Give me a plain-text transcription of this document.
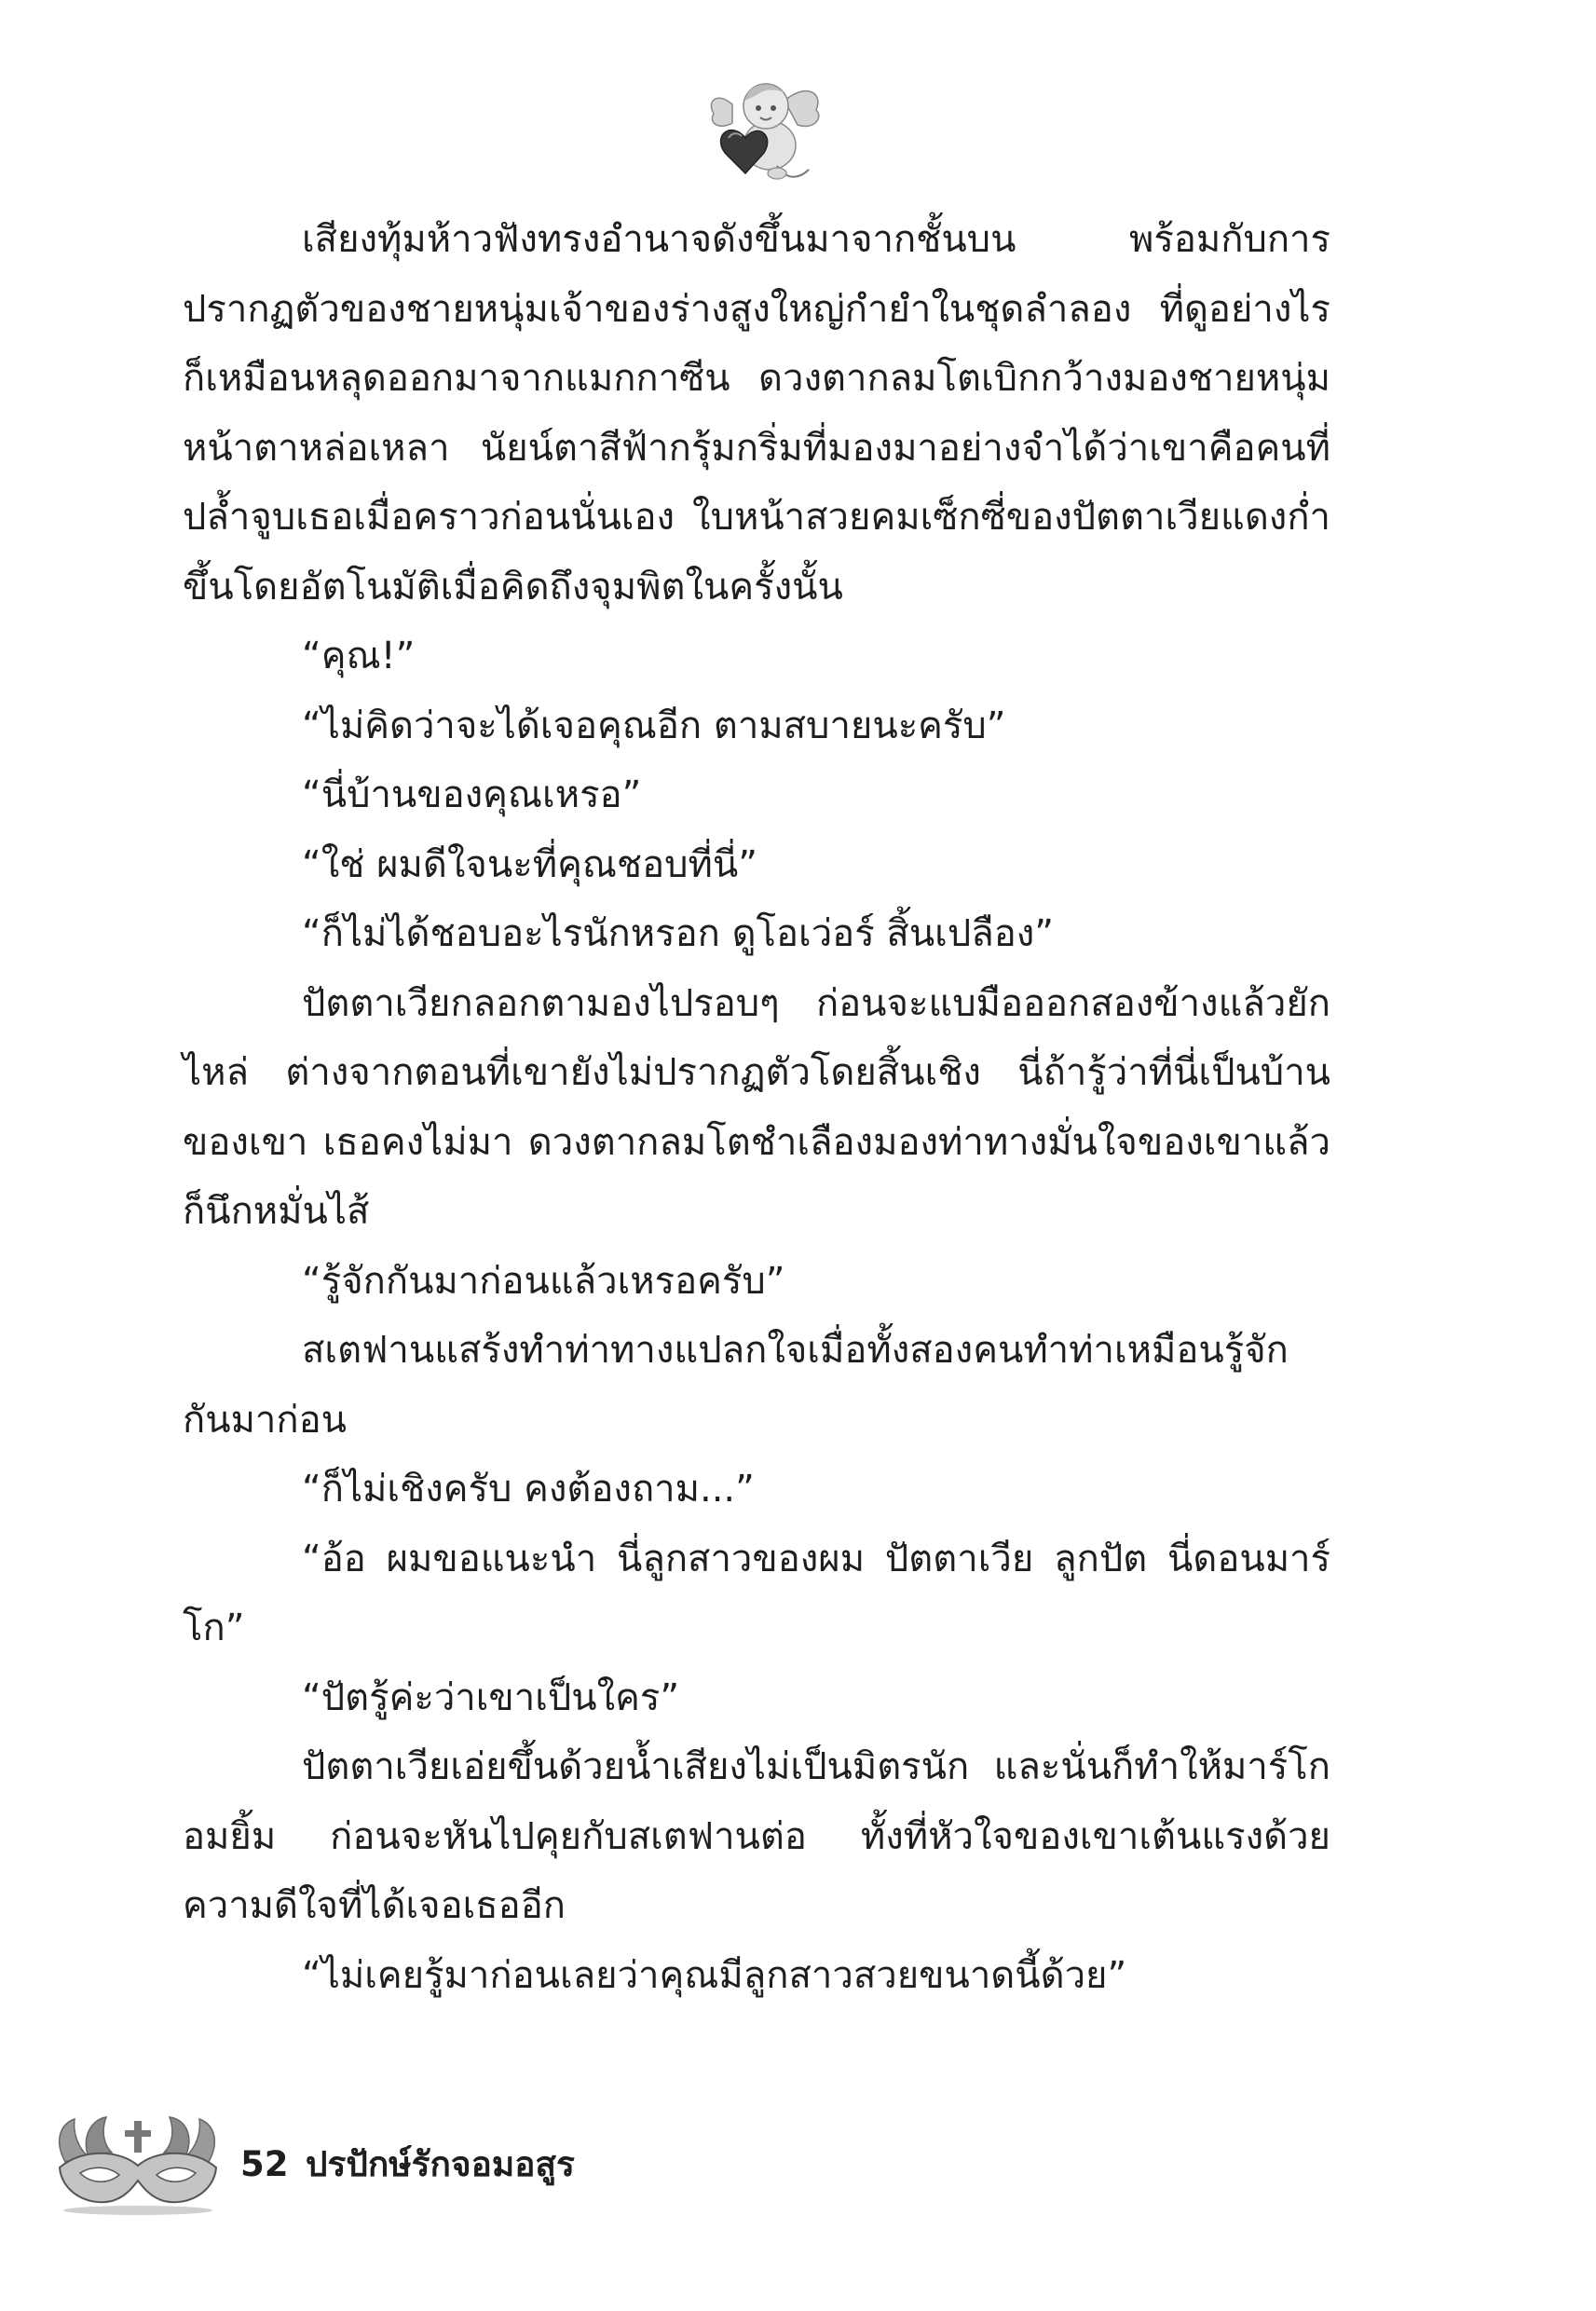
เสียงทุ้มห้าวฟังทรงอำนาจดังขึ้นมาจากชั้นบน พร้อมกับการปรากฏตัวของชายหนุ่มเจ้าของร่างสูงใหญ่กำยำในชุดลำลอง ที่ดูอย่างไรก็เหมือนหลุดออกมาจากแมกกาซีน ดวงตากลมโตเบิกกว้างมองชายหนุ่มหน้าตาหล่อเหลา นัยน์ตาสีฟ้ากรุ้มกริ่มที่มองมาอย่างจำได้ว่าเขาคือคนที่ปล้ำจูบเธอเมื่อคราวก่อนนั่นเอง ใบหน้าสวยคมเซ็กซี่ของปัตตาเวียแดงก่ำขึ้นโดยอัตโนมัติเมื่อคิดถึงจุมพิตในครั้งนั้น

“คุณ!”

“ไม่คิดว่าจะได้เจอคุณอีก ตามสบายนะครับ”

“นี่บ้านของคุณเหรอ”

“ใช่ ผมดีใจนะที่คุณชอบที่นี่”

“ก็ไม่ได้ชอบอะไรนักหรอก ดูโอเว่อร์ สิ้นเปลือง”

ปัตตาเวียกลอกตามองไปรอบๆ ก่อนจะแบมือออกสองข้างแล้วยักไหล่ ต่างจากตอนที่เขายังไม่ปรากฏตัวโดยสิ้นเชิง นี่ถ้ารู้ว่าที่นี่เป็นบ้านของเขา เธอคงไม่มา ดวงตากลมโตชำเลืองมองท่าทางมั่นใจของเขาแล้วก็นึกหมั่นไส้

“รู้จักกันมาก่อนแล้วเหรอครับ”

สเตฟานแสร้งทำท่าทางแปลกใจเมื่อทั้งสองคนทำท่าเหมือนรู้จักกันมาก่อน

“ก็ไม่เชิงครับ คงต้องถาม...”

“อ้อ ผมขอแนะนำ นี่ลูกสาวของผม ปัตตาเวีย ลูกปัต นี่ดอนมาร์โก”

“ปัตรู้ค่ะว่าเขาเป็นใคร”

ปัตตาเวียเอ่ยขึ้นด้วยน้ำเสียงไม่เป็นมิตรนัก และนั่นก็ทำให้มาร์โกอมยิ้ม ก่อนจะหันไปคุยกับสเตฟานต่อ ทั้งที่หัวใจของเขาเต้นแรงด้วยความดีใจที่ได้เจอเธออีก

“ไม่เคยรู้มาก่อนเลยว่าคุณมีลูกสาวสวยขนาดนี้ด้วย”

52 ปรปักษ์รักจอมอสูร
